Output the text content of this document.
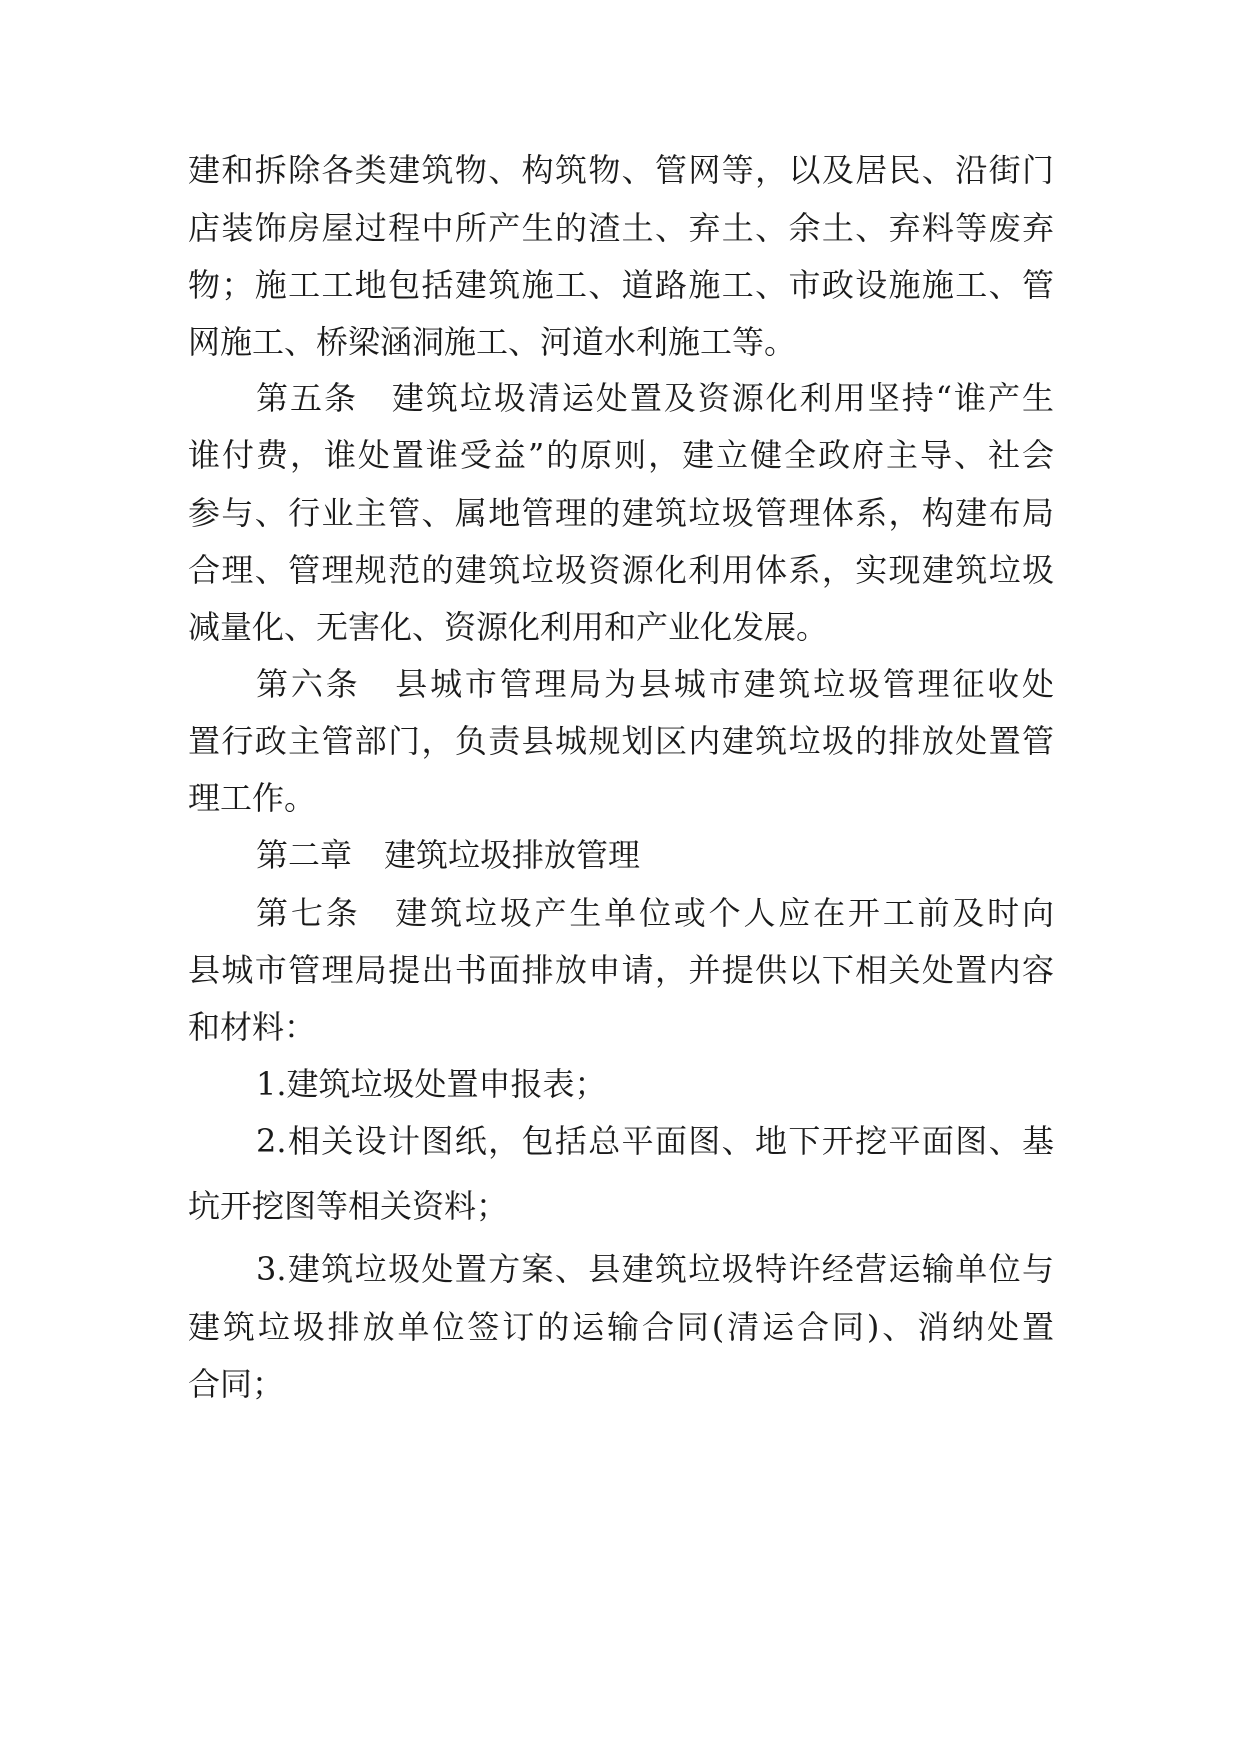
建和拆除各类建筑物、构筑物、管网等，以及居民、沿街门
店装饰房屋过程中所产生的渣土、弃土、余土、弃料等废弃
物；施工工地包括建筑施工、道路施工、市政设施施工、管
网施工、桥梁涵洞施工、河道水利施工等。
第五条　建筑垃圾清运处置及资源化利用坚持“谁产生
谁付费，谁处置谁受益”的原则，建立健全政府主导、社会
参与、行业主管、属地管理的建筑垃圾管理体系，构建布局
合理、管理规范的建筑垃圾资源化利用体系，实现建筑垃圾
减量化、无害化、资源化利用和产业化发展。
第六条　县城市管理局为县城市建筑垃圾管理征收处
置行政主管部门，负责县城规划区内建筑垃圾的排放处置管
理工作。
第二章　建筑垃圾排放管理
第七条　建筑垃圾产生单位或个人应在开工前及时向
县城市管理局提出书面排放申请，并提供以下相关处置内容
和材料：
1.建筑垃圾处置申报表；
2.相关设计图纸，包括总平面图、地下开挖平面图、基
坑开挖图等相关资料；
3.建筑垃圾处置方案、县建筑垃圾特许经营运输单位与
建筑垃圾排放单位签订的运输合同(清运合同)、消纳处置
合同；
